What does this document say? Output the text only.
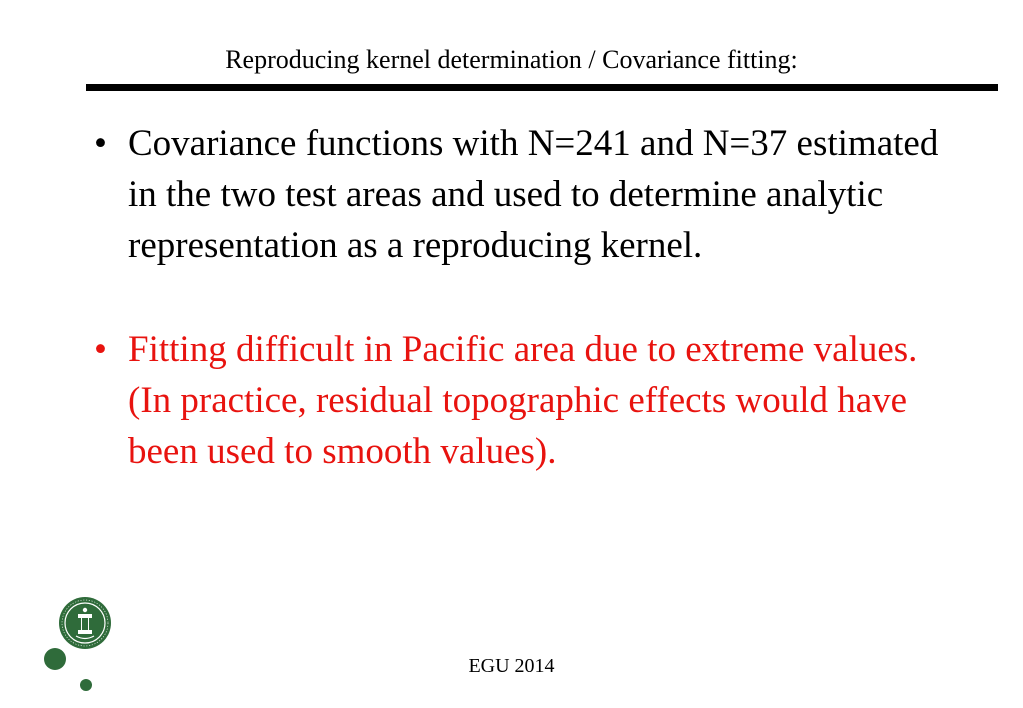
Reproducing kernel determination / Covariance fitting:
• Covariance functions with N=241 and N=37 estimated in the two test areas and used to determine analytic representation as a reproducing kernel.
• Fitting difficult in Pacific area due to extreme values. (In practice, residual topographic effects would have been used to smooth values).
EGU 2014
